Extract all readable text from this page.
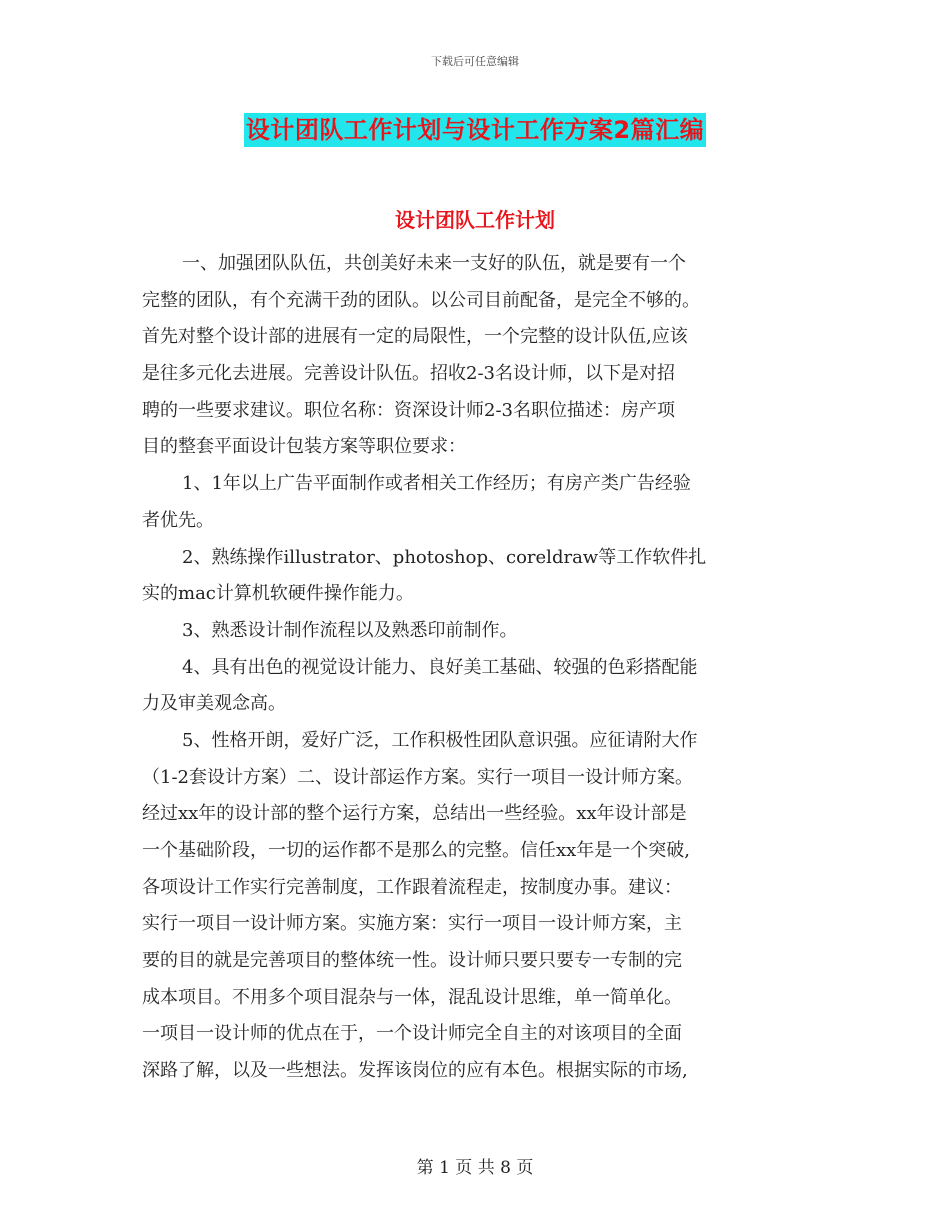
下载后可任意编辑
设计团队工作计划与设计工作方案2篇汇编
设计团队工作计划
一、加强团队队伍，共创美好未来一支好的队伍，就是要有一个
完整的团队，有个充满干劲的团队。以公司目前配备，是完全不够的。
首先对整个设计部的进展有一定的局限性，一个完整的设计队伍,应该
是往多元化去进展。完善设计队伍。招收2-3名设计师，以下是对招
聘的一些要求建议。职位名称：资深设计师2-3名职位描述：房产项
目的整套平面设计包装方案等职位要求：
1、1年以上广告平面制作或者相关工作经历；有房产类广告经验
者优先。
2、熟练操作illustrator、photoshop、coreldraw等工作软件扎
实的mac计算机软硬件操作能力。
3、熟悉设计制作流程以及熟悉印前制作。
4、具有出色的视觉设计能力、良好美工基础、较强的色彩搭配能
力及审美观念高。
5、性格开朗，爱好广泛，工作积极性团队意识强。应征请附大作
（1-2套设计方案）二、设计部运作方案。实行一项目一设计师方案。
经过xx年的设计部的整个运行方案，总结出一些经验。xx年设计部是
一个基础阶段，一切的运作都不是那么的完整。信任xx年是一个突破,
各项设计工作实行完善制度，工作跟着流程走，按制度办事。建议：
实行一项目一设计师方案。实施方案：实行一项目一设计师方案，主
要的目的就是完善项目的整体统一性。设计师只要只要专一专制的完
成本项目。不用多个项目混杂与一体，混乱设计思维，单一简单化。
一项目一设计师的优点在于，一个设计师完全自主的对该项目的全面
深路了解，以及一些想法。发挥该岗位的应有本色。根据实际的市场,
第 1 页 共 8 页
